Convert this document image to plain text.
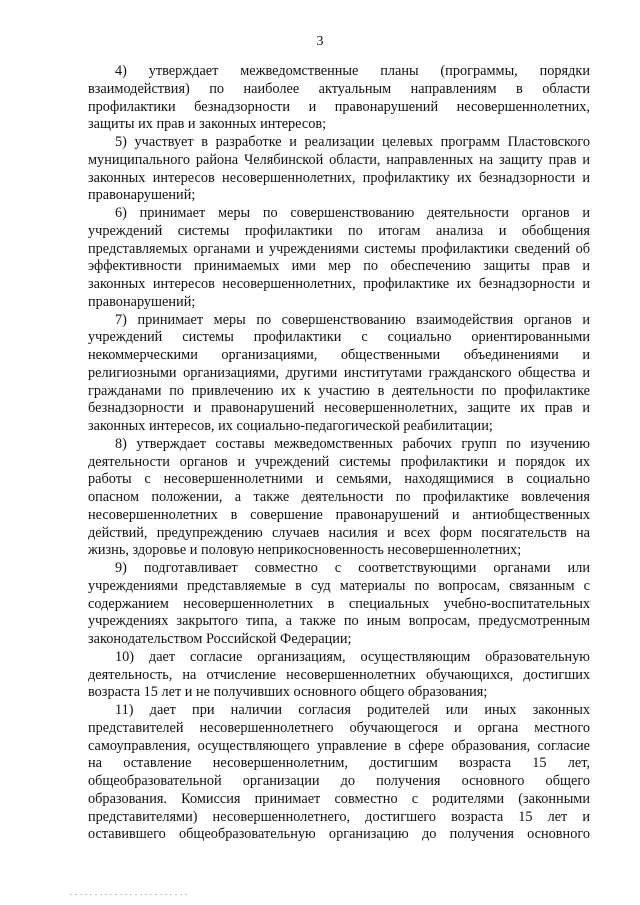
3
4) утверждает межведомственные планы (программы, порядки
взаимодействия) по наиболее актуальным направлениям в области
профилактики безнадзорности и правонарушений несовершеннолетних,
защиты их прав и законных интересов;
5) участвует в разработке и реализации целевых программ Пластовского
муниципального района Челябинской области, направленных на защиту прав и
законных интересов несовершеннолетних, профилактику их безнадзорности и
правонарушений;
6) принимает меры по совершенствованию деятельности органов и
учреждений системы профилактики по итогам анализа и обобщения
представляемых органами и учреждениями системы профилактики сведений об
эффективности принимаемых ими мер по обеспечению защиты прав и
законных интересов несовершеннолетних, профилактике их безнадзорности и
правонарушений;
7) принимает меры по совершенствованию взаимодействия органов и
учреждений системы профилактики с социально ориентированными
некоммерческими организациями, общественными объединениями и
религиозными организациями, другими институтами гражданского общества и
гражданами по привлечению их к участию в деятельности по профилактике
безнадзорности и правонарушений несовершеннолетних, защите их прав и
законных интересов, их социально-педагогической реабилитации;
8) утверждает составы межведомственных рабочих групп по изучению
деятельности органов и учреждений системы профилактики и порядок их
работы с несовершеннолетними и семьями, находящимися в социально
опасном положении, а также деятельности по профилактике вовлечения
несовершеннолетних в совершение правонарушений и антиобщественных
действий, предупреждению случаев насилия и всех форм посягательств на
жизнь, здоровье и половую неприкосновенность несовершеннолетних;
9) подготавливает совместно с соответствующими органами или
учреждениями представляемые в суд материалы по вопросам, связанным с
содержанием несовершеннолетних в специальных учебно-воспитательных
учреждениях закрытого типа, а также по иным вопросам, предусмотренным
законодательством Российской Федерации;
10) дает согласие организациям, осуществляющим образовательную
деятельность, на отчисление несовершеннолетних обучающихся, достигших
возраста 15 лет и не получивших основного общего образования;
11) дает при наличии согласия родителей или иных законных
представителей несовершеннолетнего обучающегося и органа местного
самоуправления, осуществляющего управление в сфере образования, согласие
на оставление несовершеннолетним, достигшим возраста 15 лет,
общеобразовательной организации до получения основного общего
образования. Комиссия принимает совместно с родителями (законными
представителями) несовершеннолетнего, достигшего возраста 15 лет и
оставившего общеобразовательную организацию до получения основного
